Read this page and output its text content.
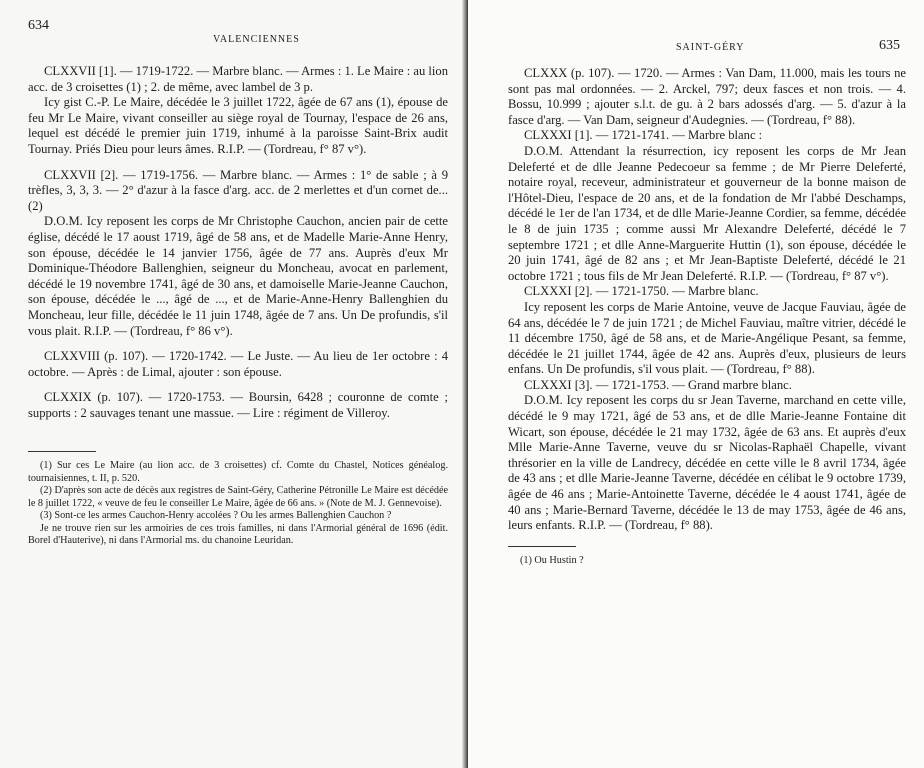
634
VALENCIENNES

CLXXVII [1]. — 1719-1722. — Marbre blanc. — Armes : 1. Le Maire : au lion acc. de 3 croisettes (1) ; 2. de même, avec lambel de 3 p.

Icy gist C.-P. Le Maire, décédée le 3 juillet 1722, âgée de 67 ans (1), épouse de feu Mr Le Maire, vivant conseiller au siège royal de Tournay, l'espace de 26 ans, lequel est décédé le premier juin 1719, inhumé à la paroisse Saint-Brix audit Tournay. Priés Dieu pour leurs âmes. R.I.P. — (Tordreau, f° 87 v°).

CLXXVII [2]. — 1719-1756. — Marbre blanc. — Armes : 1° de sable ; à 9 trèfles, 3, 3, 3. — 2° d'azur à la fasce d'arg. acc. de 2 merlettes et d'un cornet de... (2)

D.O.M. Icy reposent les corps de Mr Christophe Cauchon, ancien pair de cette église, décédé le 17 aoust 1719, âgé de 58 ans, et de Madelle Marie-Anne Henry, son épouse, décédée le 14 janvier 1756, âgée de 77 ans. Auprès d'eux Mr Dominique-Théodore Ballenghien, seigneur du Moncheau, avocat en parlement, décédé le 19 novembre 1741, âgé de 30 ans, et damoiselle Marie-Jeanne Cauchon, son épouse, décédée le ..., âgé de ..., et de Marie-Anne-Henry Ballenghien du Moncheau, leur fille, décédée le 11 juin 1748, âgée de 7 ans. Un De profundis, s'il vous plait. R.I.P. — (Tordreau, f° 86 v°).

CLXXVIII (p. 107). — 1720-1742. — Le Juste. — Au lieu de 1er octobre : 4 octobre. — Après : de Limal, ajouter : son épouse.

CLXXIX (p. 107). — 1720-1753. — Boursin, 6428 ; couronne de comte ; supports : 2 sauvages tenant une massue. — Lire : régiment de Villeroy.

(1) Sur ces Le Maire (au lion acc. de 3 croisettes) cf. Comte du Chastel, Notices généalog. tournaisiennes, t. II, p. 520.

(2) D'après son acte de décès aux registres de Saint-Géry, Catherine Pétronille Le Maire est décédée le 8 juillet 1722, « veuve de feu le conseiller Le Maire, âgée de 66 ans. » (Note de M. J. Gennevoise).

(3) Sont-ce les armes Cauchon-Henry accolées ? Ou les armes Ballenghien Cauchon ?

Je ne trouve rien sur les armoiries de ces trois familles, ni dans l'Armorial général de 1696 (édit. Borel d'Hauterive), ni dans l'Armorial ms. du chanoine Leuridan.

SAINT-GÉRY	635

CLXXX (p. 107). — 1720. — Armes : Van Dam, 11.000, mais les tours ne sont pas mal ordonnées. — 2. Arckel, 797; deux fasces et non trois. — 4. Bossu, 10.999 ; ajouter s.l.t. de gu. à 2 bars adossés d'arg. — 5. d'azur à la fasce d'arg. — Van Dam, seigneur d'Audegnies. — (Tordreau, f° 88).

CLXXXI [1]. — 1721-1741. — Marbre blanc :

D.O.M. Attendant la résurrection, icy reposent les corps de Mr Jean Deleferté et de dlle Jeanne Pedecoeur sa femme ; de Mr Pierre Deleferté, notaire royal, receveur, administrateur et gouverneur de la bonne maison de l'Hôtel-Dieu, l'espace de 20 ans, et de la fondation de Mr l'abbé Deschamps, décédé le 1er de l'an 1734, et de dlle Marie-Jeanne Cordier, sa femme, décédée le 8 de juin 1735 ; comme aussi Mr Alexandre Deleferté, décédé le 7 septembre 1721 ; et dlle Anne-Marguerite Huttin (1), son épouse, décédée le 20 juin 1741, âgé de 82 ans ; et Mr Jean-Baptiste Deleferté, décédé le 21 octobre 1721 ; tous fils de Mr Jean Deleferté. R.I.P. — (Tordreau, f° 87 v°).

CLXXXI [2]. — 1721-1750. — Marbre blanc.

Icy reposent les corps de Marie Antoine, veuve de Jacque Fauviau, âgée de 64 ans, décédée le 7 de juin 1721 ; de Michel Fauviau, maître vitrier, décédé le 11 décembre 1750, âgé de 58 ans, et de Marie-Angélique Pesant, sa femme, décédée le 21 juillet 1744, âgée de 42 ans. Auprès d'eux, plusieurs de leurs enfans. Un De profundis, s'il vous plait. — (Tordreau, f° 88).

CLXXXI [3]. — 1721-1753. — Grand marbre blanc.

D.O.M. Icy reposent les corps du sr Jean Taverne, marchand en cette ville, décédé le 9 may 1721, âgé de 53 ans, et de dlle Marie-Jeanne Fontaine dit Wicart, son épouse, décédée le 21 may 1732, âgée de 63 ans. Et auprès d'eux Mlle Marie-Anne Taverne, veuve du sr Nicolas-Raphaël Chapelle, vivant thrésorier en la ville de Landrecy, décédée en cette ville le 8 avril 1734, âgée de 43 ans ; et dlle Marie-Jeanne Taverne, décédée en célibat le 9 octobre 1739, âgée de 46 ans ; Marie-Antoinette Taverne, décédée le 4 aoust 1741, âgée de 40 ans ; Marie-Bernard Taverne, décédée le 13 de may 1753, âgée de 46 ans, leurs enfants. R.I.P. — (Tordreau, f° 88).

(1) Ou Hustin ?
